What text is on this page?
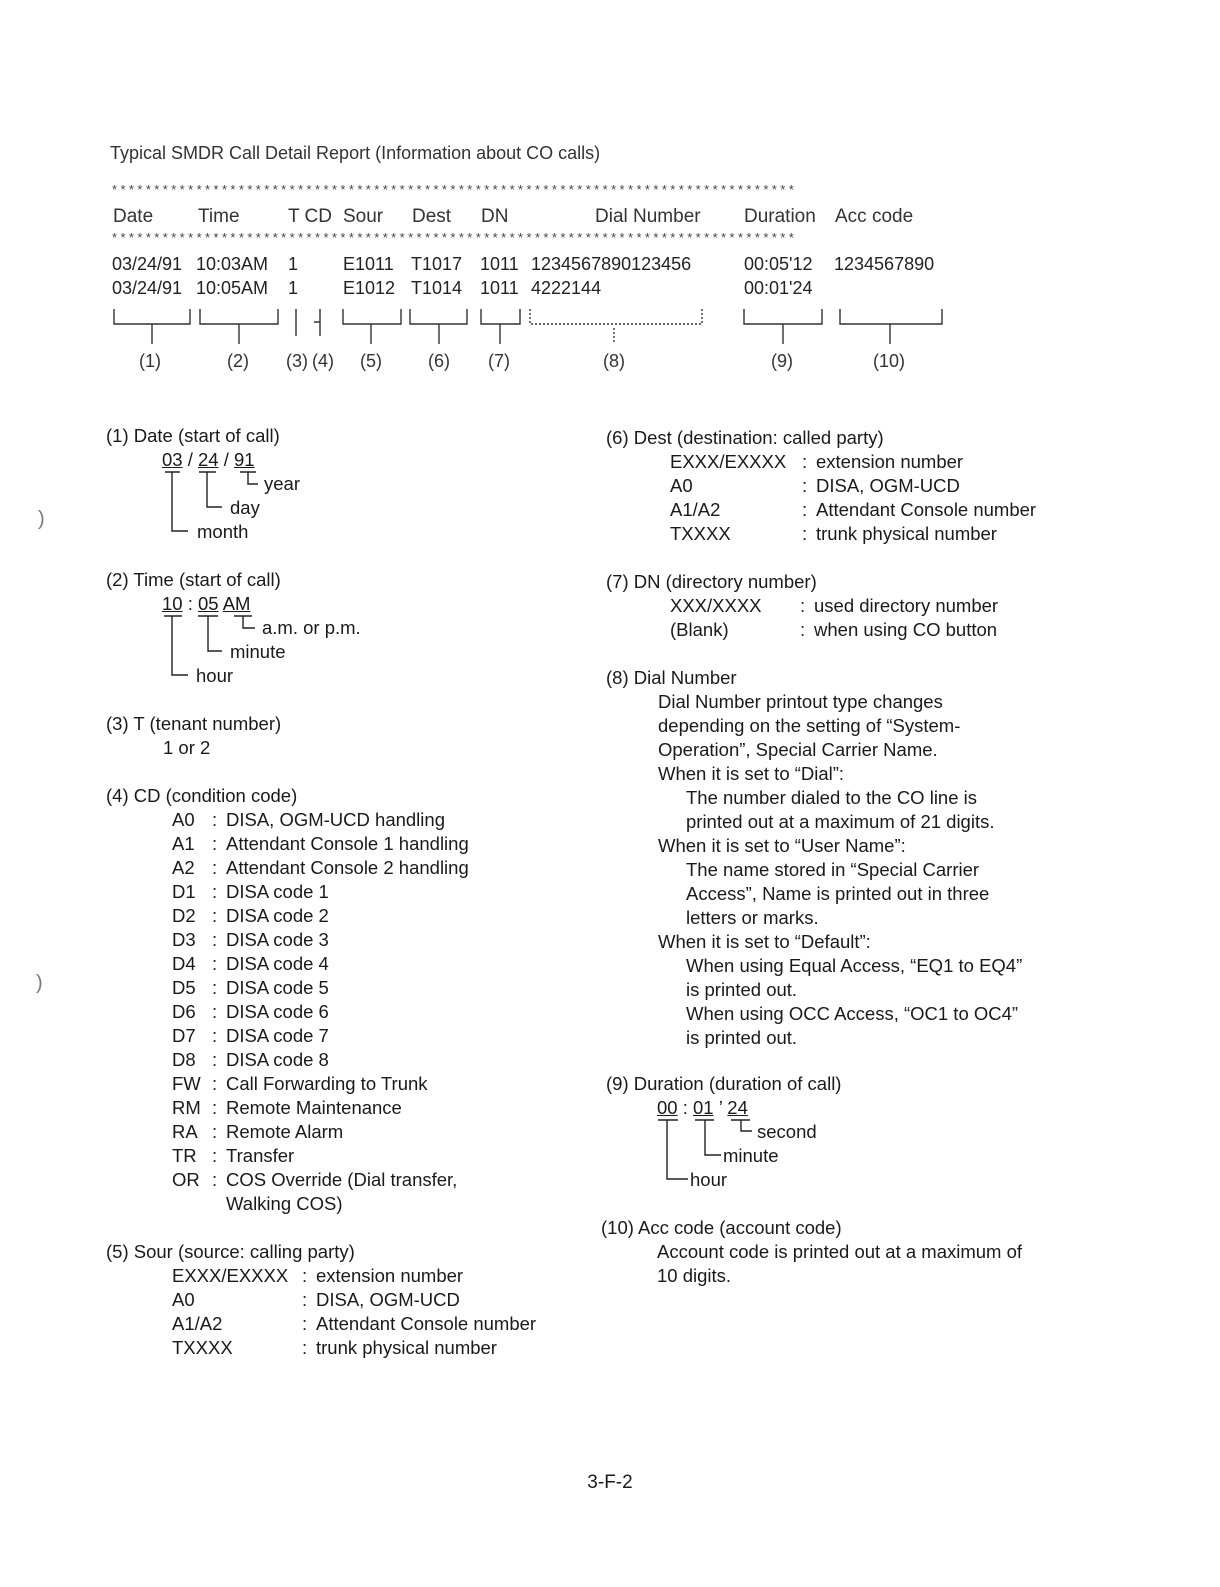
Typical SMDR Call Detail Report (Information about CO calls)
*********************************************************************************
Date Time	T CD Sour Dest DN	Dial Number Duration Acc code
*********************************************************************************
03/24/91 10:03AM 1 E1011 T1017 1011 1234567890123456	00:05'12 1234567890
03/24/91 10:05AM 1 E1012 T1014 1011 4222144	00:01'24
(1)	(2) (3) (4) (5)	(6) (7)	(8)	(9)	(10)
(1) Date (start of call)
03 / 24 / 91
year
day
month
(2) Time (start of call)
10 : 05 AM
a.m. or p.m.
minute
hour
(3) T (tenant number)
1 or 2
(4) CD (condition code)
A0 : DISA, OGM-UCD handling
A1 : Attendant Console 1 handling
A2 : Attendant Console 2 handling
D1 : DISA code 1
D2 : DISA code 2
D3 : DISA code 3
D4 : DISA code 4
D5 : DISA code 5
D6 : DISA code 6
D7 : DISA code 7
D8 : DISA code 8
FW : Call Forwarding to Trunk
RM : Remote Maintenance
RA : Remote Alarm
TR : Transfer
OR : COS Override (Dial transfer,
Walking COS)
(5) Sour (source: calling party)
EXXX/EXXXX : extension number
A0	: DISA, OGM-UCD
A1/A2	: Attendant Console number
TXXXX	: trunk physical number
(6) Dest (destination: called party)
EXXX/EXXXX : extension number
A0	: DISA, OGM-UCD
A1/A2	: Attendant Console number
TXXXX	: trunk physical number
(7) DN (directory number)
XXX/XXXX : used directory number
(Blank)	: when using CO button
(8) Dial Number
Dial Number printout type changes
depending on the setting of “System-
Operation”, Special Carrier Name.
When it is set to “Dial”:
The number dialed to the CO line is
printed out at a maximum of 21 digits.
When it is set to “User Name”:
The name stored in “Special Carrier
Access”, Name is printed out in three
letters or marks.
When it is set to “Default”:
When using Equal Access, “EQ1 to EQ4”
is printed out.
When using OCC Access, “OC1 to OC4”
is printed out.
(9) Duration (duration of call)
00 : 01 ’ 24
second
minute
hour
(10) Acc code (account code)
Account code is printed out at a maximum of
10 digits.
)
)
3-F-2
